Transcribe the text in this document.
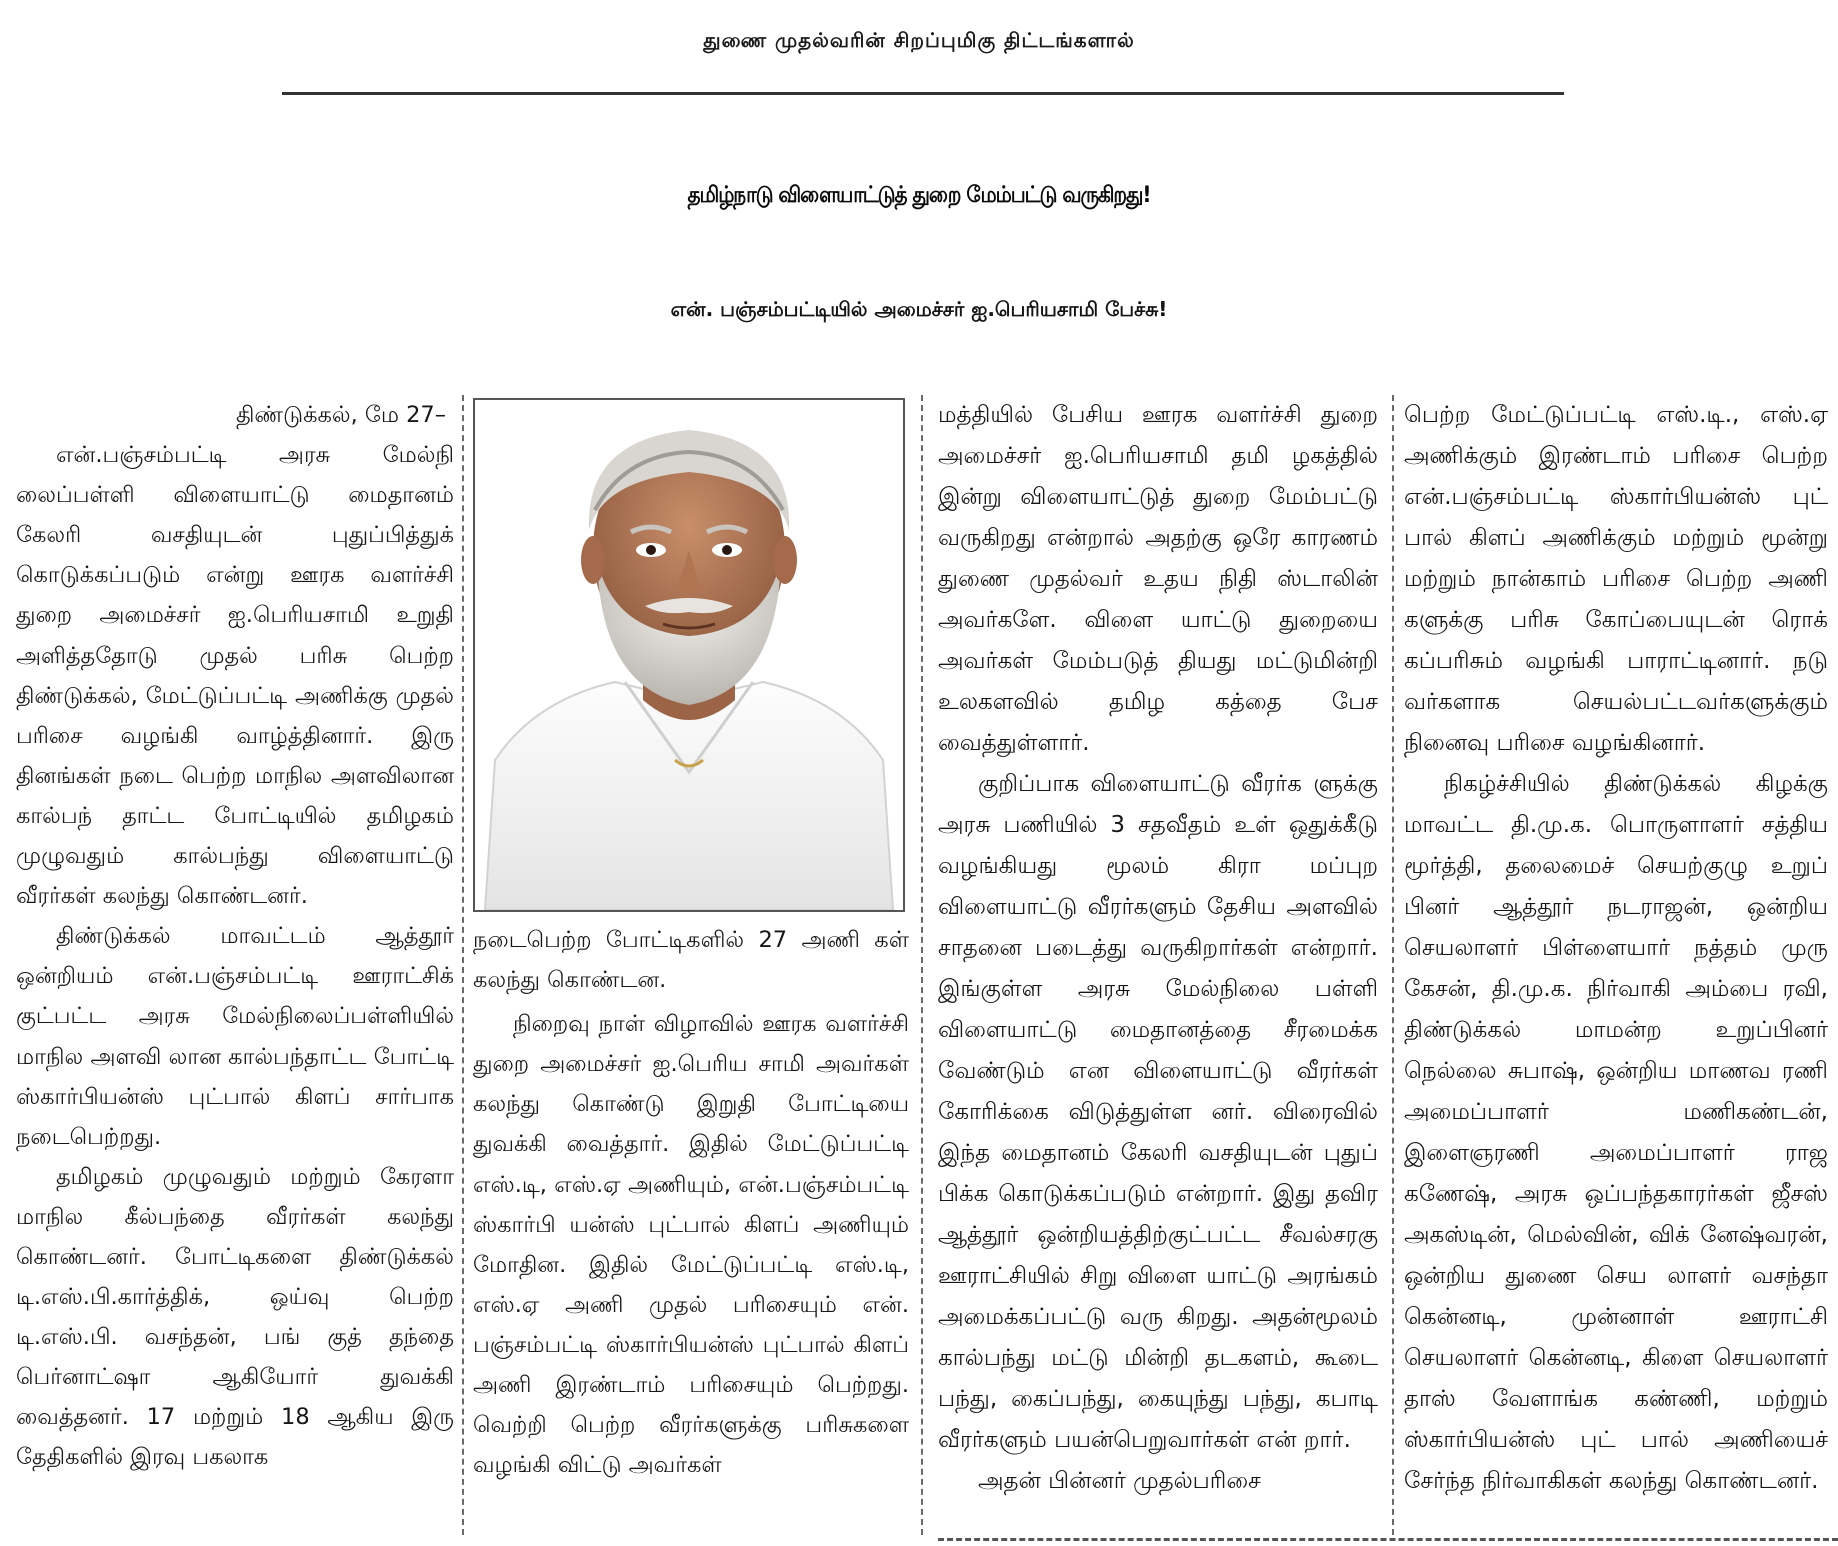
துணை முதல்வரின் சிறப்புமிகு திட்டங்களால்
தமிழ்நாடு விளையாட்டுத் துறை மேம்பட்டு வருகிறது!
என். பஞ்சம்பட்டியில் அமைச்சர் ஐ.பெரியசாமி பேச்சு!

திண்டுக்கல், மே 27–

என்.பஞ்சம்பட்டி அரசு மேல்நி லைப்பள்ளி விளையாட்டு மைதானம் கேலரி வசதியுடன் புதுப்பித்துக் கொடுக்கப்படும் என்று ஊரக வளர்ச்சி துறை அமைச்சர் ஐ.பெரியசாமி உறுதி அளித்ததோடு முதல் பரிசு பெற்ற திண்டுக்கல், மேட்டுப்பட்டி அணிக்கு முதல் பரிசை வழங்கி வாழ்த்தினார். இரு தினங்கள் நடை பெற்ற மாநில அளவிலான கால்பந் தாட்ட போட்டியில் தமிழகம் முழுவதும் கால்பந்து விளையாட்டு வீரர்கள் கலந்து கொண்டனர்.

திண்டுக்கல் மாவட்டம் ஆத்தூர் ஒன்றியம் என்.பஞ்சம்பட்டி ஊராட்சிக் குட்பட்ட அரசு மேல்நிலைப்பள்ளியில் மாநில அளவி லான கால்பந்தாட்ட போட்டி ஸ்கார்பியன்ஸ் புட்பால் கிளப் சார்பாக நடைபெற்றது.

தமிழகம் முழுவதும் மற்றும் கேரளா மாநில கீல்பந்தை வீரர்கள் கலந்து கொண்டனர். போட்டிகளை திண்டுக்கல் டி.எஸ்.பி.கார்த்திக், ஒய்வு பெற்ற டி.எஸ்.பி. வசந்தன், பங் குத் தந்தை பெர்னாட்ஷா ஆகியோர் துவக்கி வைத்தனர். 17 மற்றும் 18 ஆகிய இரு தேதிகளில் இரவு பகலாக

நடைபெற்ற போட்டிகளில் 27 அணி கள் கலந்து கொண்டன.

நிறைவு நாள் விழாவில் ஊரக வளர்ச்சி துறை அமைச்சர் ஐ.பெரிய சாமி அவர்கள் கலந்து கொண்டு இறுதி போட்டியை துவக்கி வைத்தார். இதில் மேட்டுப்பட்டி எஸ்.டி, எஸ்.ஏ அணியும், என்.பஞ்சம்பட்டி ஸ்கார்பி யன்ஸ் புட்பால் கிளப் அணியும் மோதின. இதில் மேட்டுப்பட்டி எஸ்.டி, எஸ்.ஏ அணி முதல் பரிசையும் என். பஞ்சம்பட்டி ஸ்கார்பியன்ஸ் புட்பால் கிளப் அணி இரண்டாம் பரிசையும் பெற்றது. வெற்றி பெற்ற வீரர்களுக்கு பரிசுகளை வழங்கி விட்டு அவர்கள்

மத்தியில் பேசிய ஊரக வளர்ச்சி துறை அமைச்சர் ஐ.பெரியசாமி தமி ழகத்தில் இன்று விளையாட்டுத் துறை மேம்பட்டு வருகிறது என்றால் அதற்கு ஒரே காரணம் துணை முதல்வர் உதய நிதி ஸ்டாலின் அவர்களே. விளை யாட்டு துறையை அவர்கள் மேம்படுத் தியது மட்டுமின்றி உலகளவில் தமிழ கத்தை பேச வைத்துள்ளார்.

குறிப்பாக விளையாட்டு வீரர்க ளுக்கு அரசு பணியில் 3 சதவீதம் உள் ஒதுக்கீடு வழங்கியது மூலம் கிரா மப்புற விளையாட்டு வீரர்களும் தேசிய அளவில் சாதனை படைத்து வருகிறார்கள் என்றார். இங்குள்ள அரசு மேல்நிலை பள்ளி விளையாட்டு மைதானத்தை சீரமைக்க வேண்டும் என விளையாட்டு வீரர்கள் கோரிக்கை விடுத்துள்ள னர். விரைவில் இந்த மைதானம் கேலரி வசதியுடன் புதுப் பிக்க கொடுக்கப்படும் என்றார். இது தவிர ஆத்தூர் ஒன்றியத்திற்குட்பட்ட சீவல்சரகு ஊராட்சியில் சிறு விளை யாட்டு அரங்கம் அமைக்கப்பட்டு வரு கிறது. அதன்மூலம் கால்பந்து மட்டு மின்றி தடகளம், கூடை பந்து, கைப்பந்து, கையுந்து பந்து, கபாடி வீரர்களும் பயன்பெறுவார்கள் என் றார்.

அதன் பின்னர் முதல்பரிசை

பெற்ற மேட்டுப்பட்டி எஸ்.டி., எஸ்.ஏ அணிக்கும் இரண்டாம் பரிசை பெற்ற என்.பஞ்சம்பட்டி ஸ்கார்பியன்ஸ் புட் பால் கிளப் அணிக்கும் மற்றும் மூன்று மற்றும் நான்காம் பரிசை பெற்ற அணி களுக்கு பரிசு கோப்பையுடன் ரொக் கப்பரிசும் வழங்கி பாராட்டினார். நடு வர்களாக செயல்பட்டவர்களுக்கும் நினைவு பரிசை வழங்கினார்.

நிகழ்ச்சியில் திண்டுக்கல் கிழக்கு மாவட்ட தி.மு.க. பொருளாளர் சத்திய மூர்த்தி, தலைமைச் செயற்குழு உறுப் பினர் ஆத்தூர் நடராஜன், ஒன்றிய செயலாளர் பிள்ளையார் நத்தம் முரு கேசன், தி.மு.க. நிர்வாகி அம்பை ரவி, திண்டுக்கல் மாமன்ற உறுப்பினர் நெல்லை சுபாஷ், ஒன்றிய மாணவ ரணி அமைப்பாளர் மணிகண்டன், இளைஞரணி அமைப்பாளர் ராஜ கணேஷ், அரசு ஒப்பந்தகாரர்கள் ஜீசஸ் அகஸ்டின், மெல்வின், விக் னேஷ்வரன், ஒன்றிய துணை செய லாளர் வசந்தா கென்னடி, முன்னாள் ஊராட்சி செயலாளர் கென்னடி, கிளை செயலாளர் தாஸ் வேளாங்க கண்ணி, மற்றும் ஸ்கார்பியன்ஸ் புட் பால் அணியைச் சேர்ந்த நிர்வாகிகள் கலந்து கொண்டனர்.
